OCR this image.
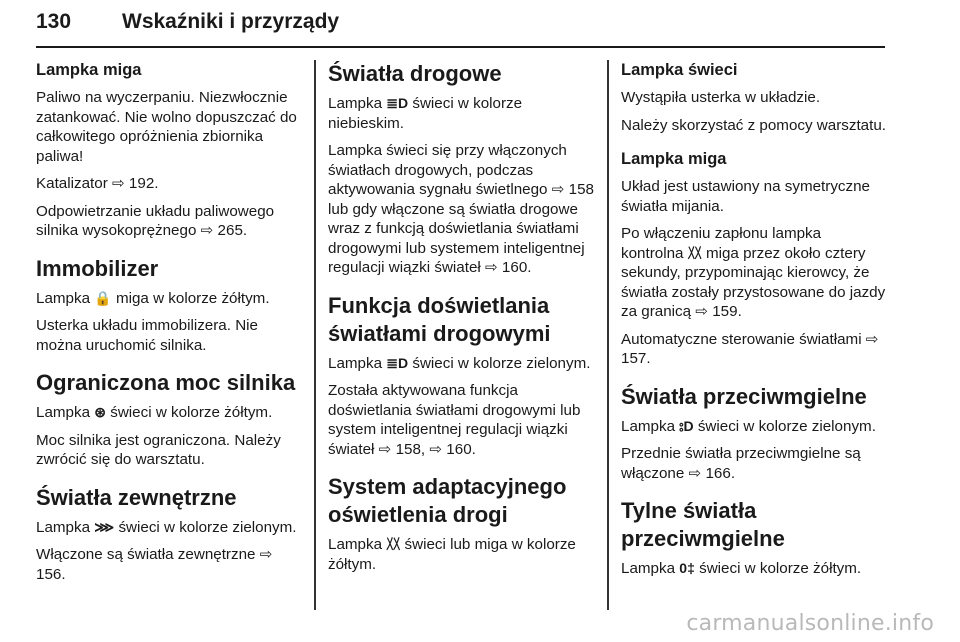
130 Wskaźniki i przyrządy
Lampka miga

Paliwo na wyczerpaniu. Niezwłocznie zatankować. Nie wolno dopuszczać do całkowitego opróżnienia zbiornika paliwa!

Katalizator ⇨ 192.

Odpowietrzanie układu paliwowego silnika wysokoprężnego ⇨ 265.

Immobilizer

Lampka 🔒 miga w kolorze żółtym.

Usterka układu immobilizera. Nie można uruchomić silnika.

Ograniczona moc silnika

Lampka ⊛ świeci w kolorze żółtym.

Moc silnika jest ograniczona. Należy zwrócić się do warsztatu.

Światła zewnętrzne

Lampka ⋙ świeci w kolorze zielonym.

Włączone są światła zewnętrzne ⇨ 156.

Światła drogowe

Lampka ≣D świeci w kolorze niebieskim.

Lampka świeci się przy włączonych światłach drogowych, podczas aktywowania sygnału świetlnego ⇨ 158 lub gdy włączone są światła drogowe wraz z funkcją doświetlania światłami drogowymi lub systemem inteligentnej regulacji wiązki świateł ⇨ 160.

Funkcja doświetlania światłami drogowymi

Lampka ≣D świeci w kolorze zielonym.

Została aktywowana funkcja doświetlania światłami drogowymi lub system inteligentnej regulacji wiązki świateł ⇨ 158, ⇨ 160.

System adaptacyjnego oświetlenia drogi

Lampka 〷 świeci lub miga w kolorze żółtym.

Lampka świeci

Wystąpiła usterka w układzie.

Należy skorzystać z pomocy warsztatu.

Lampka miga

Układ jest ustawiony na symetryczne światła mijania.

Po włączeniu zapłonu lampka kontrolna 〷 miga przez około cztery sekundy, przypominając kierowcy, że światła zostały przystosowane do jazdy za granicą ⇨ 159.

Automatyczne sterowanie światłami ⇨ 157.

Światła przeciwmgielne

Lampka ⦂D świeci w kolorze zielonym.

Przednie światła przeciwmgielne są włączone ⇨ 166.

Tylne światła przeciwmgielne

Lampka 0‡ świeci w kolorze żółtym.

carmanualsonline.info
